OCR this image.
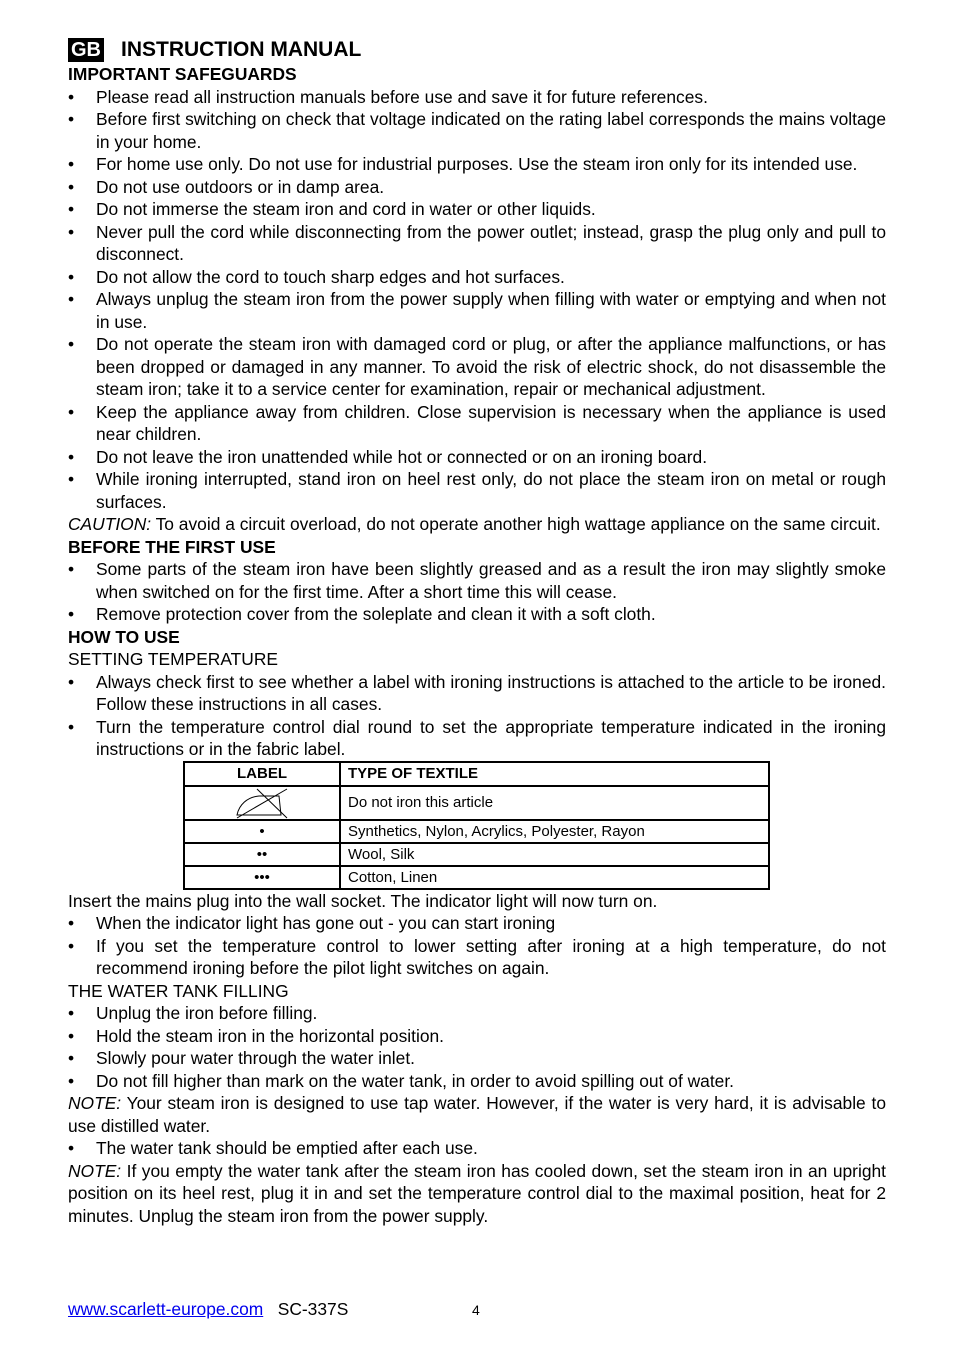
GB INSTRUCTION MANUAL
IMPORTANT SAFEGUARDS
• Please read all instruction manuals before use and save it for future references.
• Before first switching on check that voltage indicated on the rating label corresponds the mains voltage in your home.
• For home use only. Do not use for industrial purposes. Use the steam iron only for its intended use.
• Do not use outdoors or in damp area.
• Do not immerse the steam iron and cord in water or other liquids.
• Never pull the cord while disconnecting from the power outlet; instead, grasp the plug only and pull to disconnect.
• Do not allow the cord to touch sharp edges and hot surfaces.
• Always unplug the steam iron from the power supply when filling with water or emptying and when not in use.
• Do not operate the steam iron with damaged cord or plug, or after the appliance malfunctions, or has been dropped or damaged in any manner. To avoid the risk of electric shock, do not disassemble the steam iron; take it to a service center for examination, repair or mechanical adjustment.
• Keep the appliance away from children. Close supervision is necessary when the appliance is used near children.
• Do not leave the iron unattended while hot or connected or on an ironing board.
• While ironing interrupted, stand iron on heel rest only, do not place the steam iron on metal or rough surfaces.

CAUTION: To avoid a circuit overload, do not operate another high wattage appliance on the same circuit.

BEFORE THE FIRST USE
• Some parts of the steam iron have been slightly greased and as a result the iron may slightly smoke when switched on for the first time. After a short time this will cease.
• Remove protection cover from the soleplate and clean it with a soft cloth.
HOW TO USE
SETTING TEMPERATURE
• Always check first to see whether a label with ironing instructions is attached to the article to be ironed. Follow these instructions in all cases.
• Turn the temperature control dial round to set the appropriate temperature indicated in the ironing instructions or in the fabric label.
LABEL	TYPE OF TEXTILE
	Do not iron this article
•	Synthetics, Nylon, Acrylics, Polyester, Rayon
••	Wool, Silk
•••	Cotton, Linen

Insert the mains plug into the wall socket. The indicator light will now turn on.

• When the indicator light has gone out - you can start ironing
• If you set the temperature control to lower setting after ironing at a high temperature, do not recommend ironing before the pilot light switches on again.
THE WATER TANK FILLING
• Unplug the iron before filling.
• Hold the steam iron in the horizontal position.
• Slowly pour water through the water inlet.
• Do not fill higher than mark on the water tank, in order to avoid spilling out of water.

NOTE: Your steam iron is designed to use tap water. However, if the water is very hard, it is advisable to use distilled water.

• The water tank should be emptied after each use.

NOTE: If you empty the water tank after the steam iron has cooled down, set the steam iron in an upright position on its heel rest, plug it in and set the temperature control dial to the maximal position, heat for 2 minutes. Unplug the steam iron from the power supply.

www.scarlett-europe.com SC-337S	4
